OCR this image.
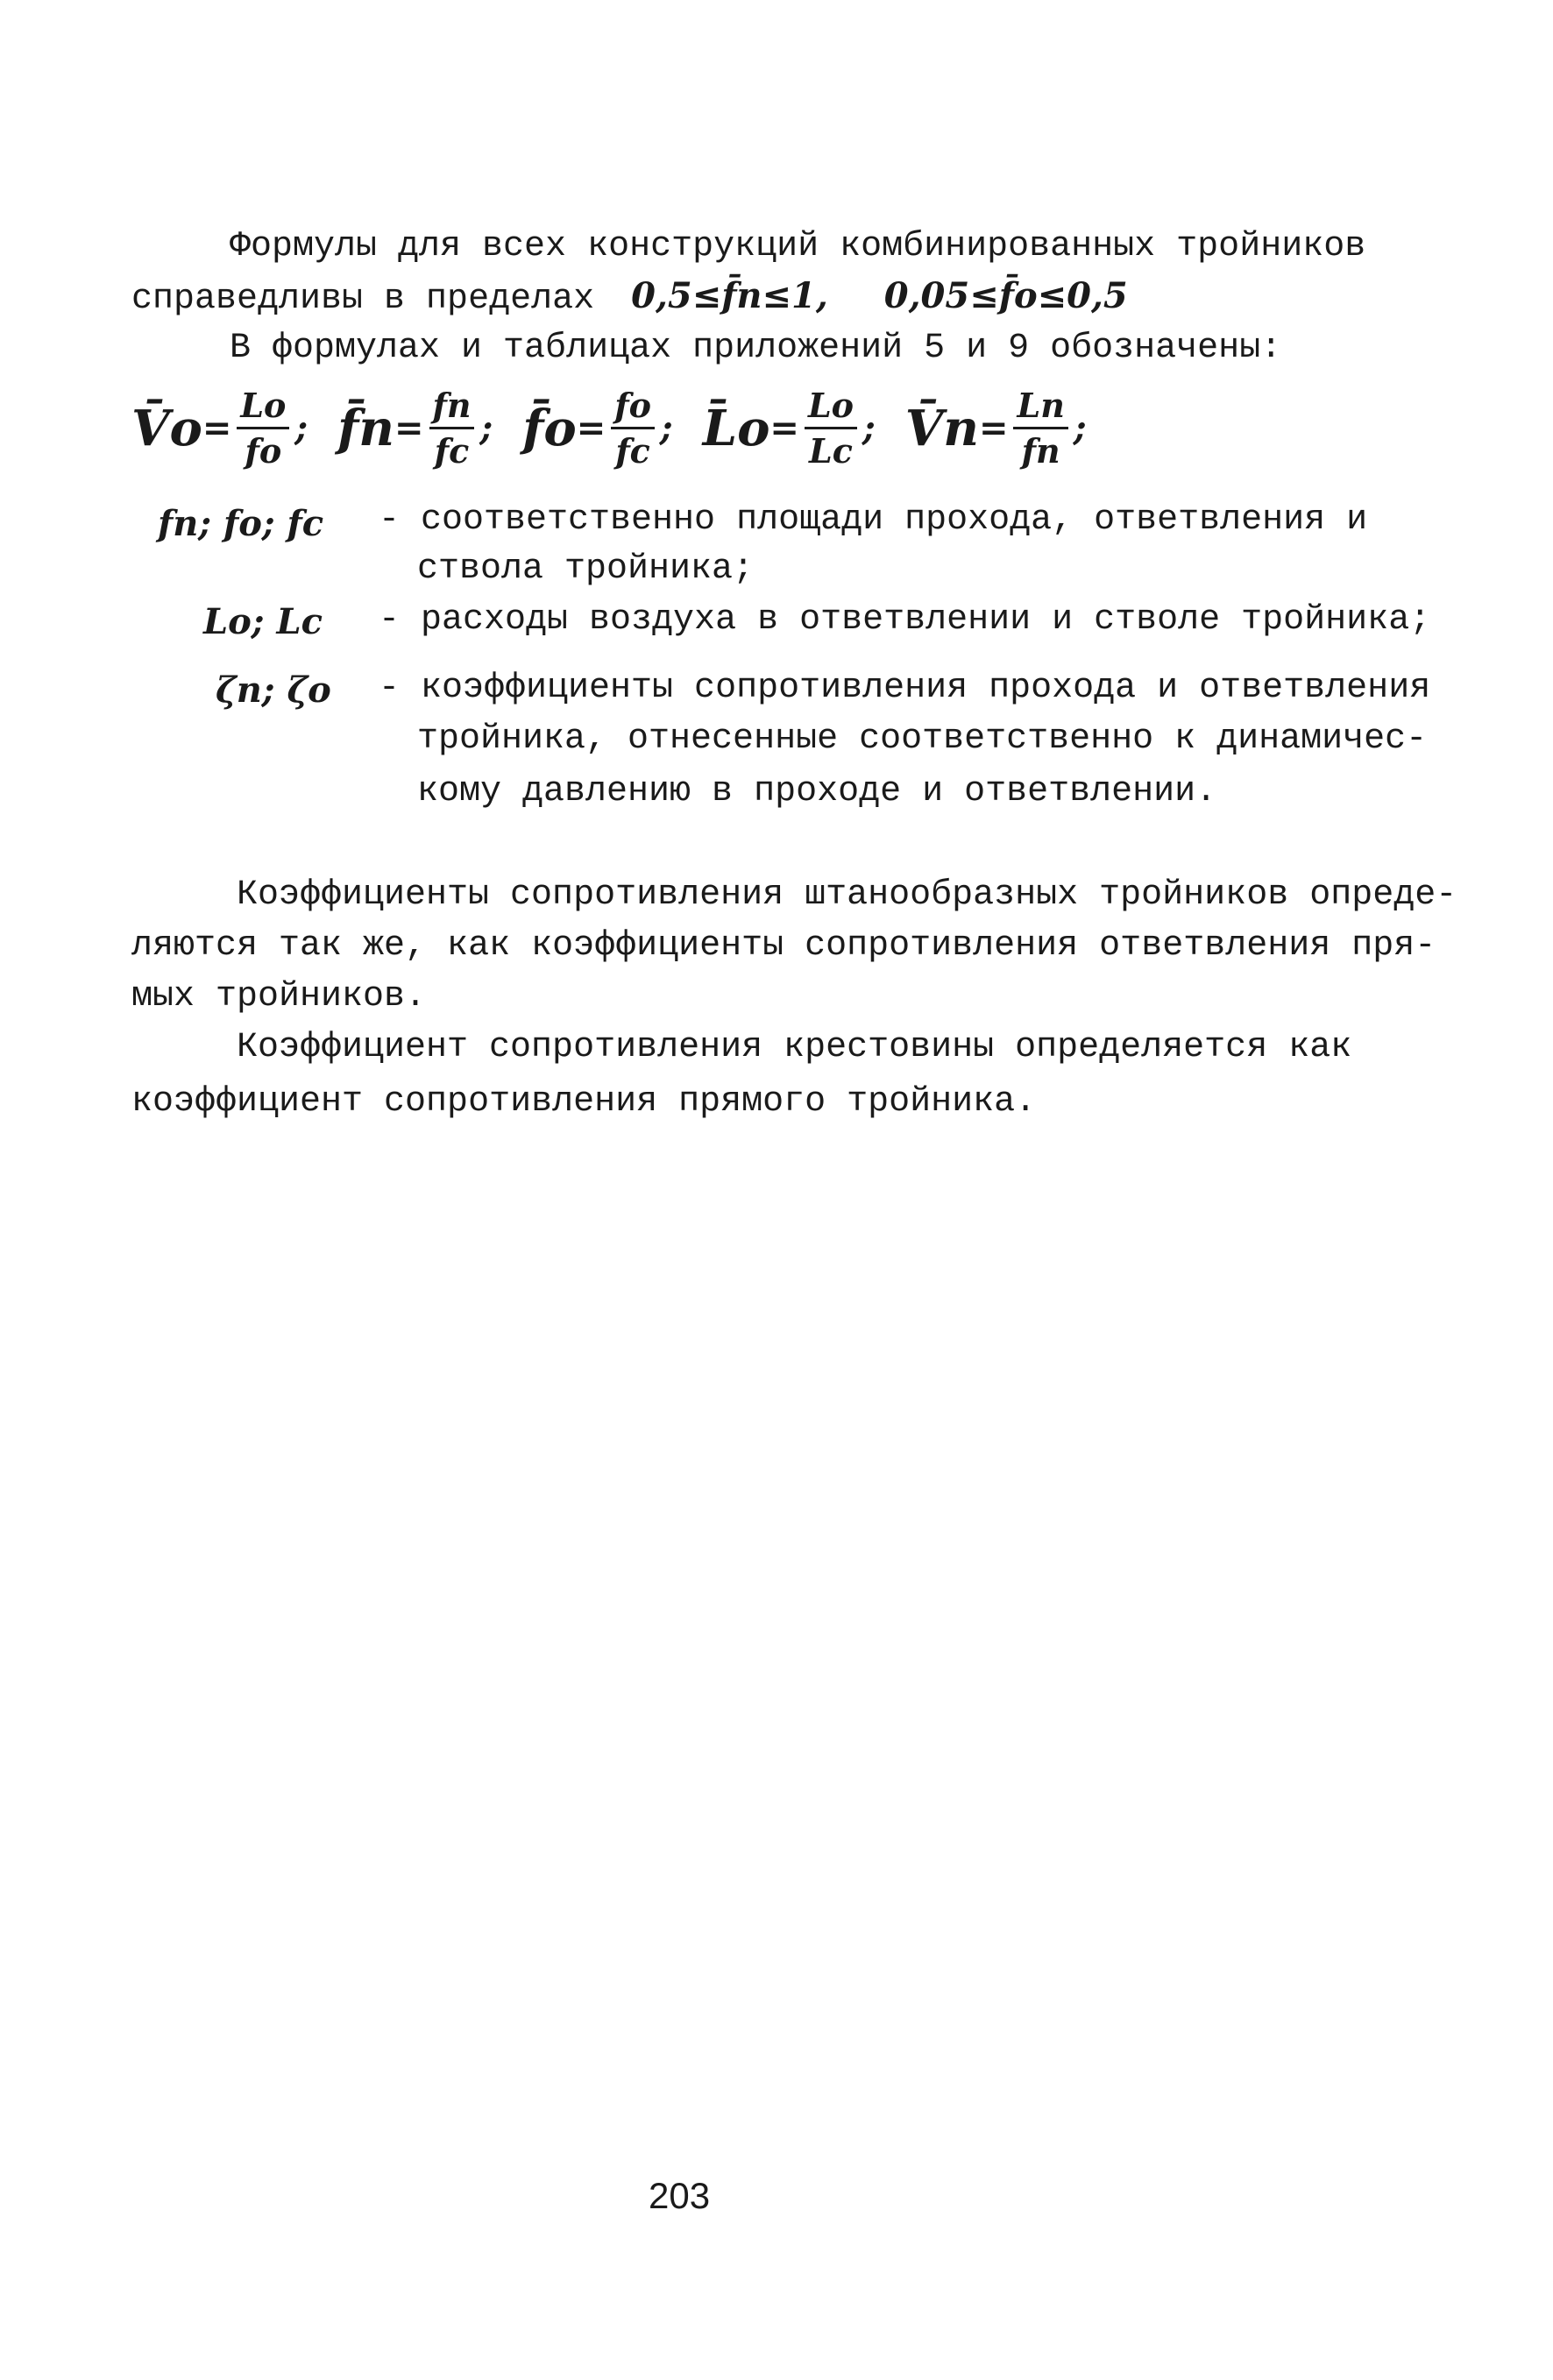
Формулы для всех конструкций комбинированных тройников
справедливы в пределах 0,5≤f̄п≤1, 0,05≤f̄о≤0,5
В формулах и таблицах приложений 5 и 9 обозначены:
V̄о = $\frac{Lо}{fо}$ ; f̄п = $\frac{fп}{fс}$ ; f̄о = $\frac{fо}{fс}$ ; L̄о = $\frac{Lо}{Lс}$ ; V̄п = $\frac{Lп}{fп}$ ;
fп; fо; fс - соответственно площади прохода, ответвления и
ствола тройника;
Lо; Lс - расходы воздуха в ответвлении и стволе тройника;
ζп; ζо - коэффициенты сопротивления прохода и ответвления
тройника, отнесенные соответственно к динамичес-
кому давлению в проходе и ответвлении.
Коэффициенты сопротивления штанообразных тройников опреде-
ляются так же, как коэффициенты сопротивления ответвления пря-
мых тройников.
Коэффициент сопротивления крестовины определяется как
коэффициент сопротивления прямого тройника.
203
